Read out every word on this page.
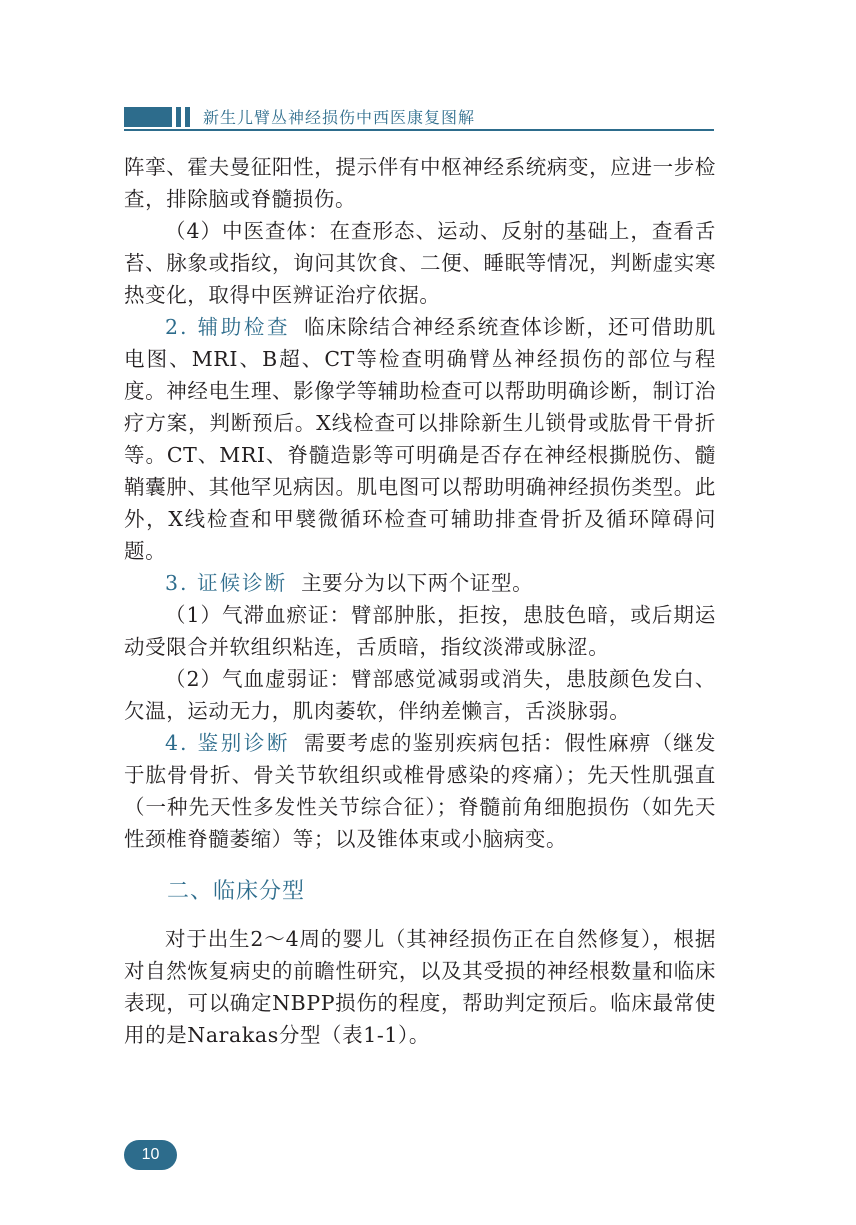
新生儿臂丛神经损伤中西医康复图解

阵挛、霍夫曼征阳性，提示伴有中枢神经系统病变，应进一步检查，排除脑或脊髓损伤。

（4）中医查体：在查形态、运动、反射的基础上，查看舌苔、脉象或指纹，询问其饮食、二便、睡眠等情况，判断虚实寒热变化，取得中医辨证治疗依据。

2. 辅助检查 临床除结合神经系统查体诊断，还可借助肌电图、MRI、B超、CT等检查明确臂丛神经损伤的部位与程度。神经电生理、影像学等辅助检查可以帮助明确诊断，制订治疗方案，判断预后。X线检查可以排除新生儿锁骨或肱骨干骨折等。CT、MRI、脊髓造影等可明确是否存在神经根撕脱伤、髓鞘囊肿、其他罕见病因。肌电图可以帮助明确神经损伤类型。此外，X线检查和甲襞微循环检查可辅助排查骨折及循环障碍问题。

3. 证候诊断 主要分为以下两个证型。

（1）气滞血瘀证：臂部肿胀，拒按，患肢色暗，或后期运动受限合并软组织粘连，舌质暗，指纹淡滞或脉涩。

（2）气血虚弱证：臂部感觉减弱或消失，患肢颜色发白、欠温，运动无力，肌肉萎软，伴纳差懒言，舌淡脉弱。

4. 鉴别诊断 需要考虑的鉴别疾病包括：假性麻痹（继发于肱骨骨折、骨关节软组织或椎骨感染的疼痛）；先天性肌强直（一种先天性多发性关节综合征）；脊髓前角细胞损伤（如先天性颈椎脊髓萎缩）等；以及锥体束或小脑病变。

二、临床分型

对于出生2～4周的婴儿（其神经损伤正在自然修复），根据对自然恢复病史的前瞻性研究，以及其受损的神经根数量和临床表现，可以确定NBPP损伤的程度，帮助判定预后。临床最常使用的是Narakas分型（表1-1）。

10
